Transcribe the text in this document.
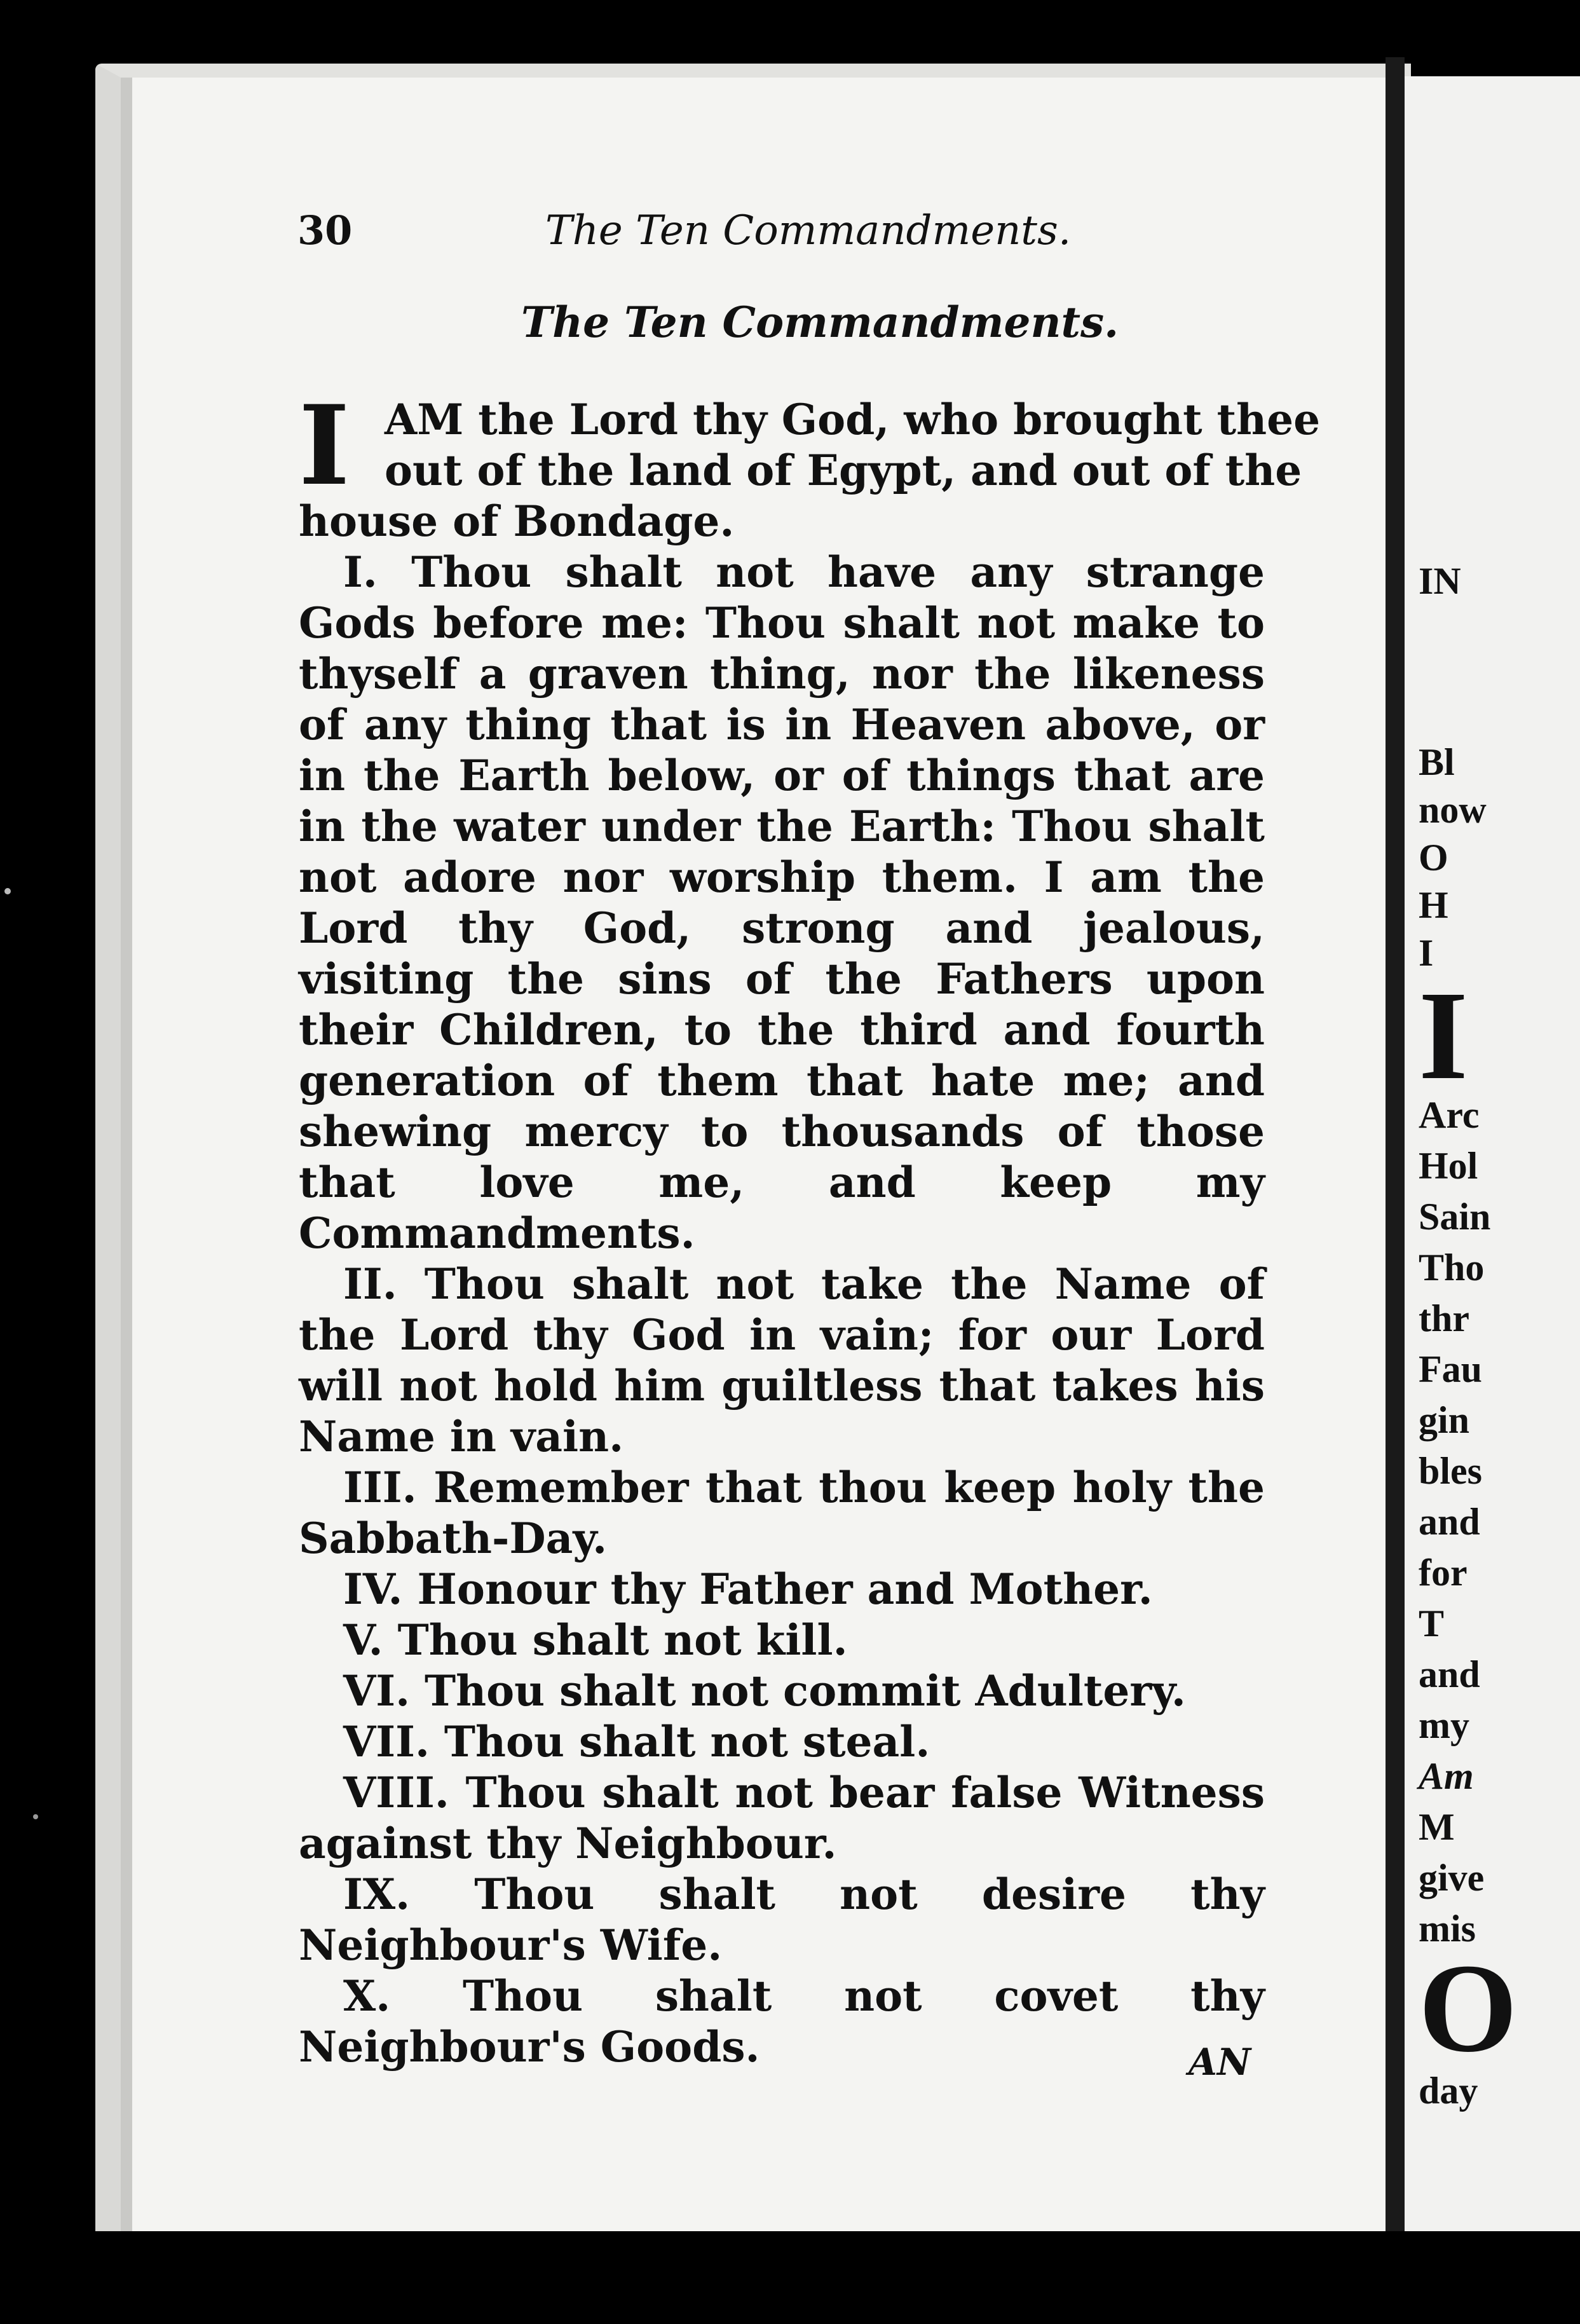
IN
Bl
now
O
H
I
I
Arc
Hol
Sain
Tho
thr
Fau
gin
bles
and
for
T
and
my
Am
M
give
mis
O
day
30	The Ten Commandments.
The Ten Commandments.
I AM the Lord thy God, who brought thee
out of the land of Egypt, and out of the
house of Bondage.

I. Thou shalt not have any strange Gods before me: Thou shalt not make to thyself a graven thing, nor the likeness of any thing that is in Heaven above, or in the Earth below, or of things that are in the water under the Earth: Thou shalt not adore nor worship them. I am the Lord thy God, strong and jealous, visiting the sins of the Fathers upon their Children, to the third and fourth generation of them that hate me; and shewing mercy to thousands of those that love me, and keep my Commandments.

II. Thou shalt not take the Name of the Lord thy God in vain; for our Lord will not hold him guiltless that takes his Name in vain.

III. Remember that thou keep holy the Sabbath-Day.

IV. Honour thy Father and Mother.

V. Thou shalt not kill.

VI. Thou shalt not commit Adultery.

VII. Thou shalt not steal.

VIII. Thou shalt not bear false Witness against thy Neighbour.

IX. Thou shalt not desire thy Neighbour's Wife.

X. Thou shalt not covet thy Neighbour's Goods.	AN
